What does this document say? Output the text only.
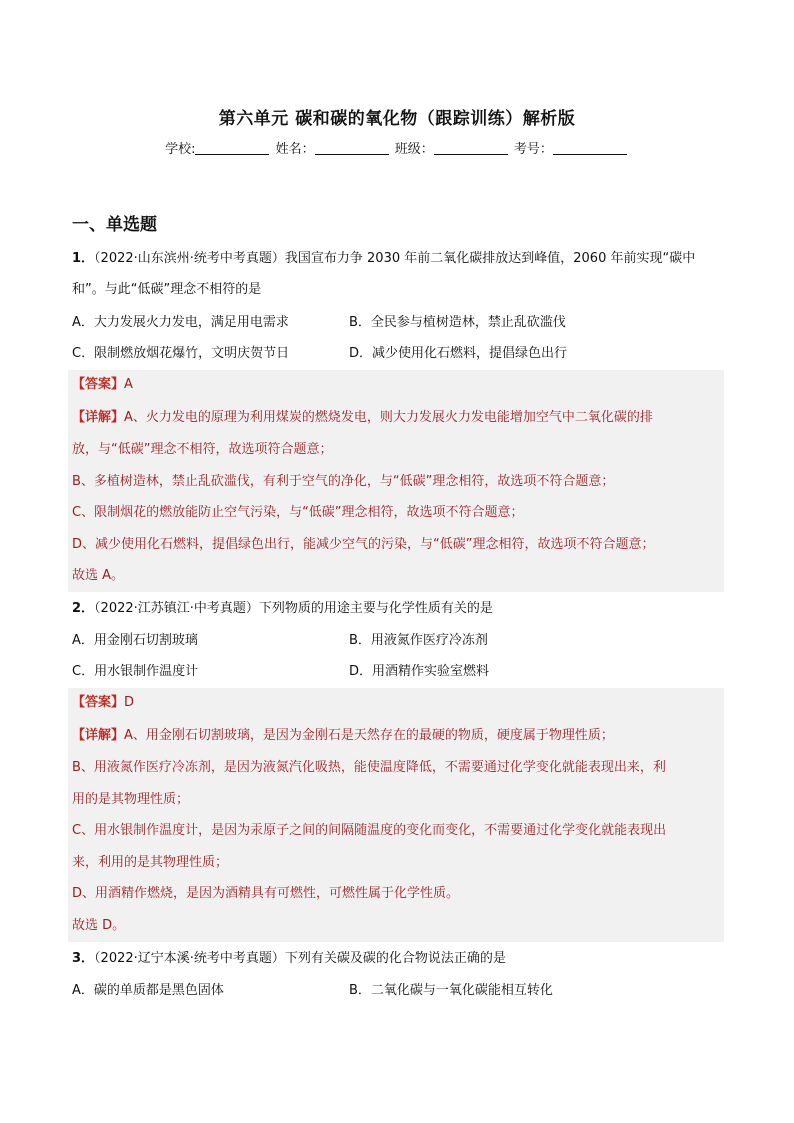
第六单元 碳和碳的氧化物（跟踪训练）解析版
学校:	姓名：	班级：	考号：
一、单选题
1．（2022·山东滨州·统考中考真题）我国宣布力争 2030 年前二氧化碳排放达到峰值，2060 年前实现“碳中
和”。与此“低碳”理念不相符的是
A．大力发展火力发电，满足用电需求	B．全民参与植树造林，禁止乱砍滥伐
C．限制燃放烟花爆竹，文明庆贺节日	D．减少使用化石燃料，提倡绿色出行
【答案】A
【详解】A、火力发电的原理为利用煤炭的燃烧发电，则大力发展火力发电能增加空气中二氧化碳的排
放，与“低碳”理念不相符，故选项符合题意；
B、多植树造林，禁止乱砍滥伐，有利于空气的净化，与“低碳”理念相符，故选项不符合题意；
C、限制烟花的燃放能防止空气污染，与“低碳”理念相符，故选项不符合题意；
D、减少使用化石燃料，提倡绿色出行，能减少空气的污染，与“低碳”理念相符，故选项不符合题意；
故选 A。
2．（2022·江苏镇江·中考真题）下列物质的用途主要与化学性质有关的是
A．用金刚石切割玻璃	B．用液氮作医疗冷冻剂
C．用水银制作温度计	D．用酒精作实验室燃料
【答案】D
【详解】A、用金刚石切割玻璃，是因为金刚石是天然存在的最硬的物质，硬度属于物理性质；
B、用液氮作医疗冷冻剂，是因为液氮汽化吸热，能使温度降低，不需要通过化学变化就能表现出来，利
用的是其物理性质；
C、用水银制作温度计，是因为汞原子之间的间隔随温度的变化而变化，不需要通过化学变化就能表现出
来，利用的是其物理性质；
D、用酒精作燃烧，是因为酒精具有可燃性，可燃性属于化学性质。
故选 D。
3．（2022·辽宁本溪·统考中考真题）下列有关碳及碳的化合物说法正确的是
A．碳的单质都是黑色固体	B．二氧化碳与一氧化碳能相互转化
